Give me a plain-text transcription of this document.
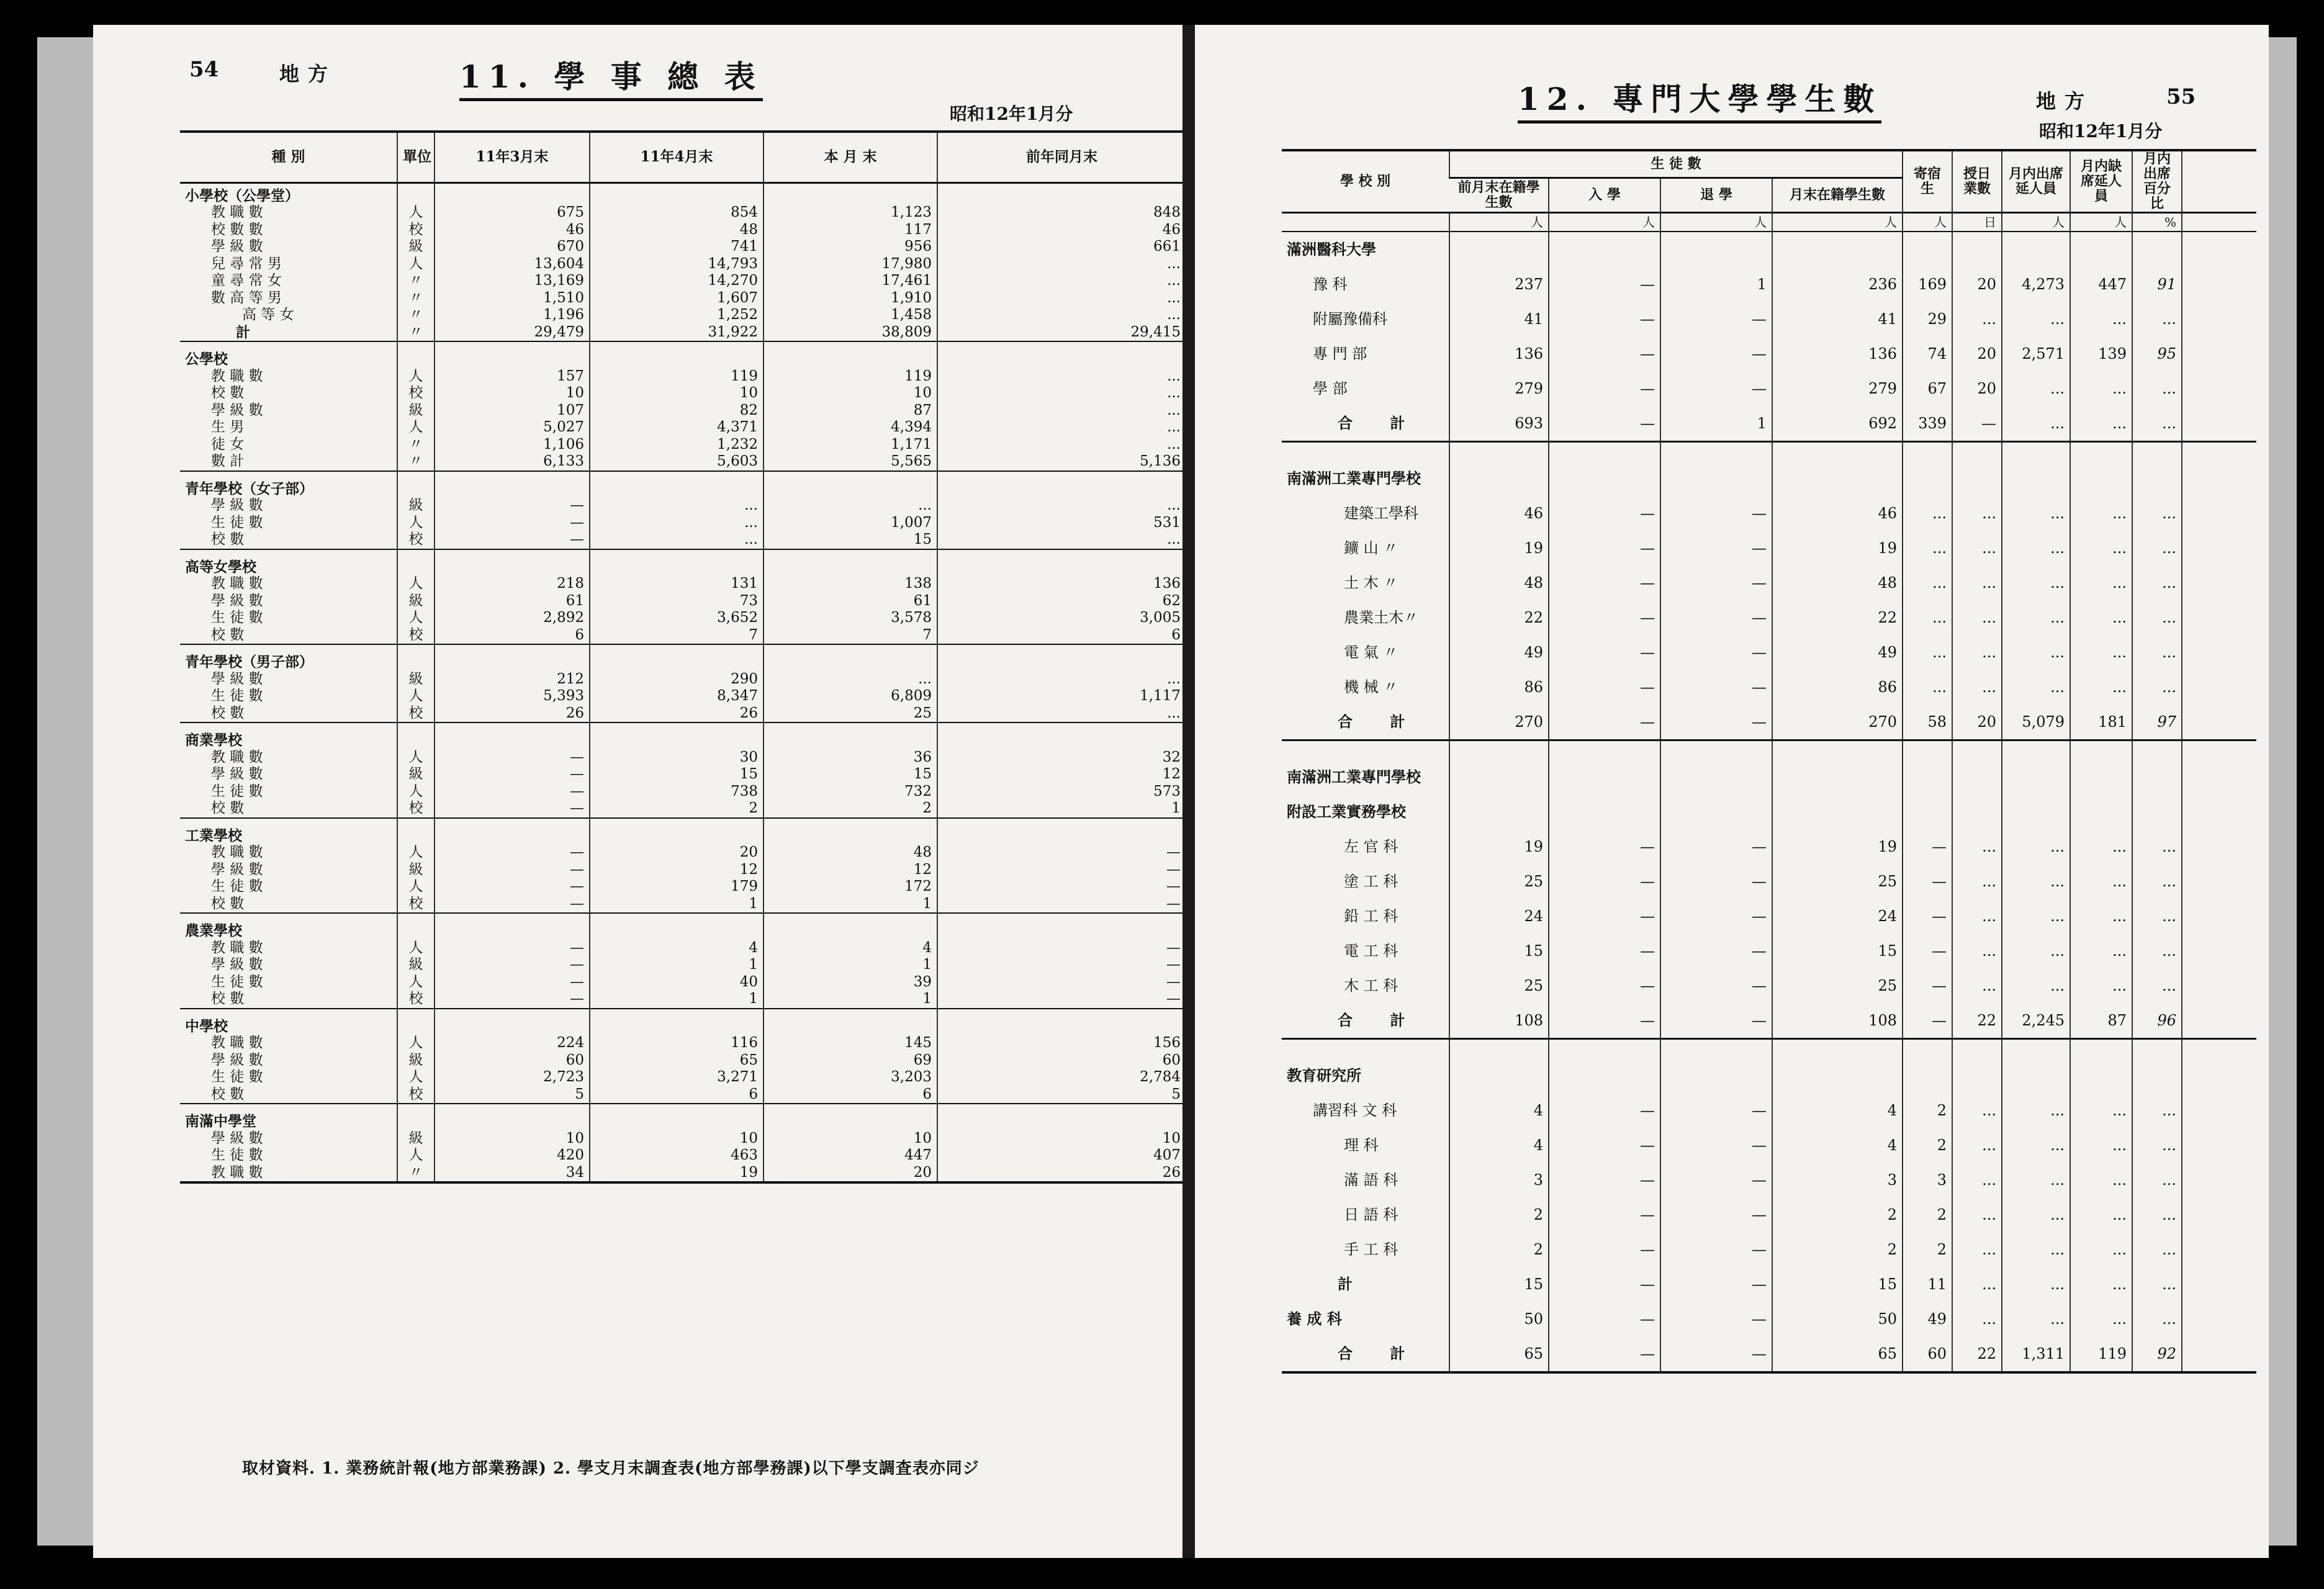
54	地方	11. 學 事 總 表
昭和12年1月分
種 別	單位	11年3月末	11年4月末	本 月 末	前年同月末
小學校（公學堂）					
教 職 數	人	675	854	1,123	848
校 數 數	校	46	48	117	46
學 級 數	級	670	741	956	661
兒 尋 常 男	人	13,604	14,793	17,980	...
童 尋 常 女	〃	13,169	14,270	17,461	...
數 高 等 男	〃	1,510	1,607	1,910	...
高 等 女	〃	1,196	1,252	1,458	...
計	〃	29,479	31,922	38,809	29,415
公學校					
教 職 數	人	157	119	119	...
校 數	校	10	10	10	...
學 級 數	級	107	82	87	...
生 男	人	5,027	4,371	4,394	...
徒 女	〃	1,106	1,232	1,171	...
數 計	〃	6,133	5,603	5,565	5,136
青年學校（女子部）					
學 級 數	級	—	...	...	...
生 徒 數	人	—	...	1,007	531
校 數	校	—	...	15	...
高等女學校					
教 職 數	人	218	131	138	136
學 級 數	級	61	73	61	62
生 徒 數	人	2,892	3,652	3,578	3,005
校 數	校	6	7	7	6
青年學校（男子部）					
學 級 數	級	212	290	...	...
生 徒 數	人	5,393	8,347	6,809	1,117
校 數	校	26	26	25	...
商業學校					
教 職 數	人	—	30	36	32
學 級 數	級	—	15	15	12
生 徒 數	人	—	738	732	573
校 數	校	—	2	2	1
工業學校					
教 職 數	人	—	20	48	—
學 級 數	級	—	12	12	—
生 徒 數	人	—	179	172	—
校 數	校	—	1	1	—
農業學校					
教 職 數	人	—	4	4	—
學 級 數	級	—	1	1	—
生 徒 數	人	—	40	39	—
校 數	校	—	1	1	—
中學校					
教 職 數	人	224	116	145	156
學 級 數	級	60	65	69	60
生 徒 數	人	2,723	3,271	3,203	2,784
校 數	校	5	6	6	5
南滿中學堂					
學 級 數	級	10	10	10	10
生 徒 數	人	420	463	447	407
教 職 數	〃	34	19	20	26
取材資料. 1. 業務統計報(地方部業務課) 2. 學支月末調査表(地方部學務課)以下學支調査表亦同ジ
12. 專門大學學生數	地方	55
昭和12年1月分
學 校 別	生 徒 數				寄宿生	授日業數	月内出席延人員	月内缺席延人員	月内出席百分比	
	前月末在籍學生數	入 學	退 學	月末在籍學生數						
	人	人	人	人	人	日	人	人	%	
滿洲醫科大學										
豫 科	237	—	1	236	169	20	4,273	447	91	
附屬豫備科	41	—	—	41	29	...	...	...	...	
專 門 部	136	—	—	136	74	20	2,571	139	95	
學 部	279	—	—	279	67	20	...	...	...	
合 計	693	—	1	692	339	—	...	...	...	
南滿洲工業專門學校										
建築工學科	46	—	—	46	...	...	...	...	...	
鑛 山 〃	19	—	—	19	...	...	...	...	...	
土 木 〃	48	—	—	48	...	...	...	...	...	
農業土木〃	22	—	—	22	...	...	...	...	...	
電 氣 〃	49	—	—	49	...	...	...	...	...	
機 械 〃	86	—	—	86	...	...	...	...	...	
合 計	270	—	—	270	58	20	5,079	181	97	
南滿洲工業專門學校										
附設工業實務學校										
左 官 科	19	—	—	19	—	...	...	...	...	
塗 工 科	25	—	—	25	—	...	...	...	...	
鉛 工 科	24	—	—	24	—	...	...	...	...	
電 工 科	15	—	—	15	—	...	...	...	...	
木 工 科	25	—	—	25	—	...	...	...	...	
合 計	108	—	—	108	—	22	2,245	87	96	
教育研究所										
講習科 文 科	4	—	—	4	2	...	...	...	...	
理 科	4	—	—	4	2	...	...	...	...	
滿 語 科	3	—	—	3	3	...	...	...	...	
日 語 科	2	—	—	2	2	...	...	...	...	
手 工 科	2	—	—	2	2	...	...	...	...	
計	15	—	—	15	11	...	...	...	...	
養 成 科	50	—	—	50	49	...	...	...	...	
合 計	65	—	—	65	60	22	1,311	119	92	
